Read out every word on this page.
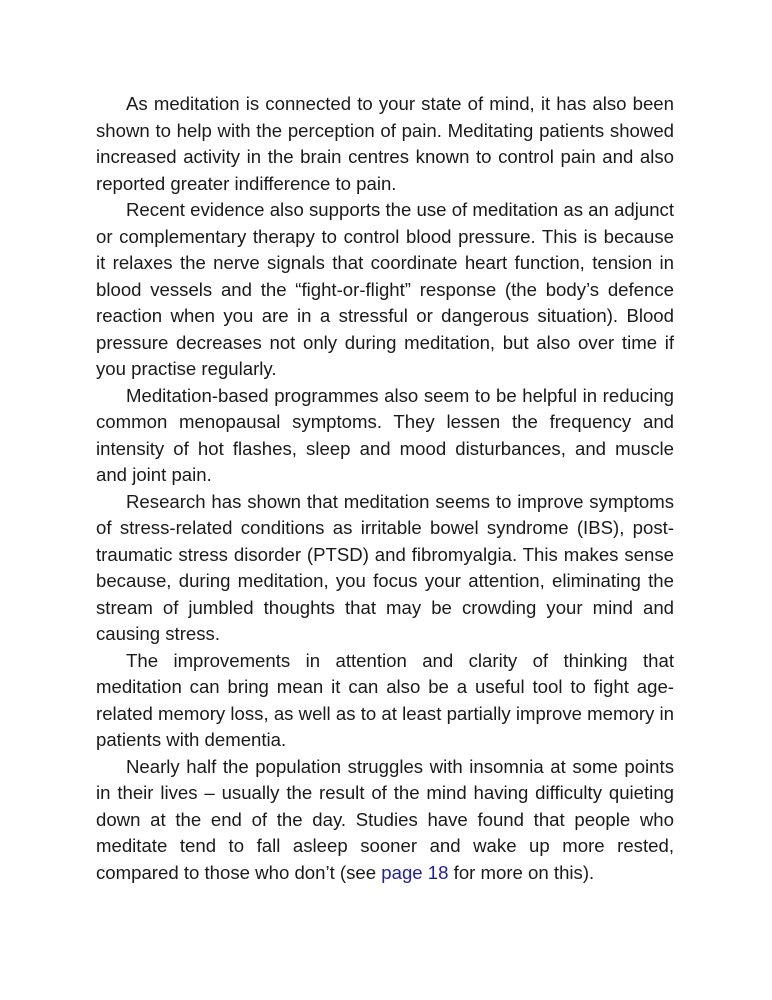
As meditation is connected to your state of mind, it has also been shown to help with the perception of pain. Meditating patients showed increased activity in the brain centres known to control pain and also reported greater indifference to pain.

Recent evidence also supports the use of meditation as an adjunct or complementary therapy to control blood pressure. This is because it relaxes the nerve signals that coordinate heart function, tension in blood vessels and the “fight-or-flight” response (the body’s defence reaction when you are in a stressful or dangerous situation). Blood pressure decreases not only during meditation, but also over time if you practise regularly.

Meditation-based programmes also seem to be helpful in reducing common menopausal symptoms. They lessen the frequency and intensity of hot flashes, sleep and mood disturbances, and muscle and joint pain.

Research has shown that meditation seems to improve symptoms of stress-related conditions as irritable bowel syndrome (IBS), post-traumatic stress disorder (PTSD) and fibromyalgia. This makes sense because, during meditation, you focus your attention, eliminating the stream of jumbled thoughts that may be crowding your mind and causing stress.

The improvements in attention and clarity of thinking that meditation can bring mean it can also be a useful tool to fight age-related memory loss, as well as to at least partially improve memory in patients with dementia.

Nearly half the population struggles with insomnia at some points in their lives – usually the result of the mind having difficulty quieting down at the end of the day. Studies have found that people who meditate tend to fall asleep sooner and wake up more rested, compared to those who don’t (see page 18 for more on this).
